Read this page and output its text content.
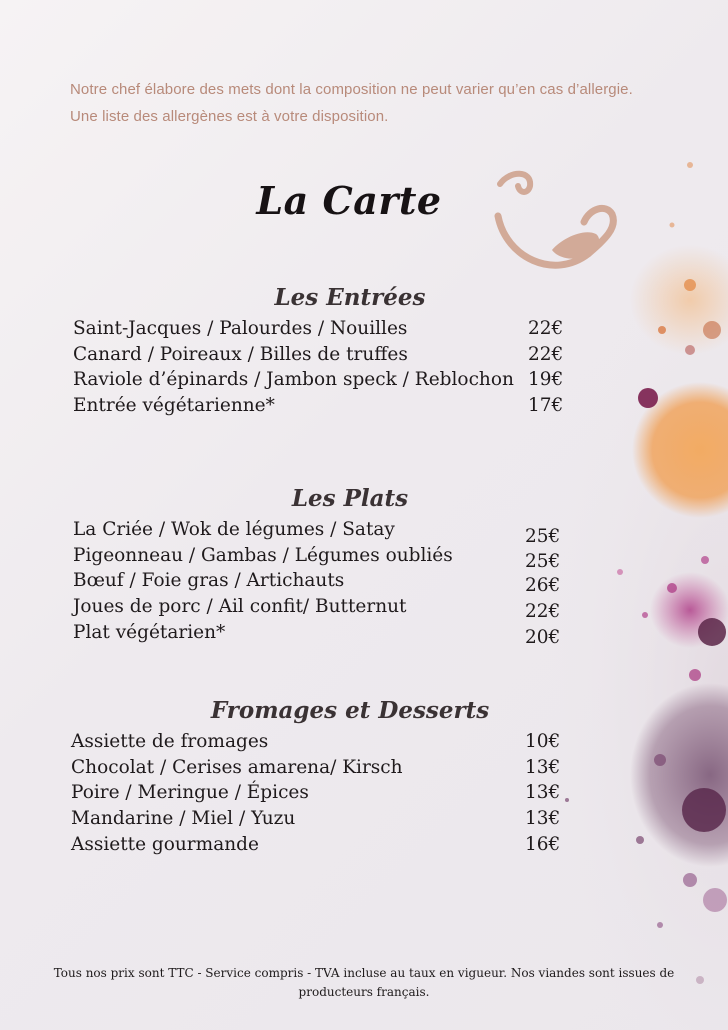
Notre chef élabore des mets dont la composition ne peut varier qu’en cas d’allergie. Une liste des allergènes est à votre disposition.

La Carte
Les Entrées
Saint-Jacques / Palourdes / Nouilles	22€
Canard / Poireaux / Billes de truffes	22€
Raviole d’épinards / Jambon speck / Reblochon 19€
Entrée végétarienne*	17€
Les Plats
La Criée / Wok de légumes / Satay	25€
Pigeonneau / Gambas / Légumes oubliés	25€
Bœuf / Foie gras / Artichauts	26€
Joues de porc / Ail confit/ Butternut	22€
Plat végétarien*	20€
Fromages et Desserts
Assiette de fromages	10€
Chocolat / Cerises amarena/ Kirsch	13€
Poire / Meringue / Épices	13€
Mandarine / Miel / Yuzu	13€
Assiette gourmande	16€

Tous nos prix sont TTC - Service compris - TVA incluse au taux en vigueur. Nos viandes sont issues de producteurs français.
